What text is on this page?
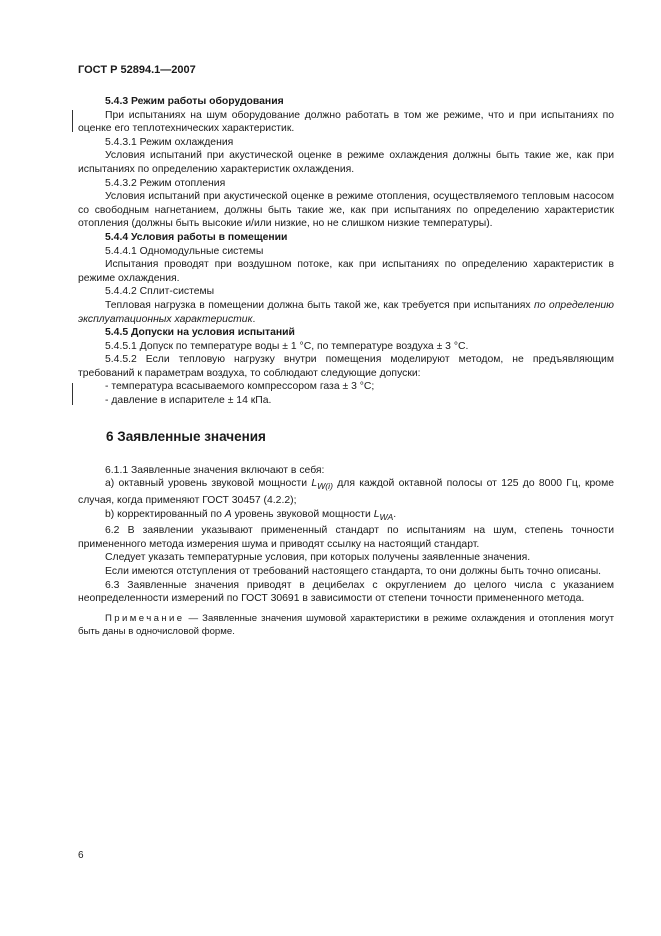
ГОСТ Р 52894.1—2007

5.4.3 Режим работы оборудования

При испытаниях на шум оборудование должно работать в том же режиме, что и при испытаниях по оценке его теплотехнических характеристик.

5.4.3.1 Режим охлаждения

Условия испытаний при акустической оценке в режиме охлаждения должны быть такие же, как при испытаниях по определению характеристик охлаждения.

5.4.3.2 Режим отопления

Условия испытаний при акустической оценке в режиме отопления, осуществляемого тепловым насосом со свободным нагнетанием, должны быть такие же, как при испытаниях по определению характеристик отопления (должны быть высокие и/или низкие, но не слишком низкие температуры).

5.4.4 Условия работы в помещении

5.4.4.1 Одномодульные системы

Испытания проводят при воздушном потоке, как при испытаниях по определению характеристик в режиме охлаждения.

5.4.4.2 Сплит-системы

Тепловая нагрузка в помещении должна быть такой же, как требуется при испытаниях по определению эксплуатационных характеристик.

5.4.5 Допуски на условия испытаний

5.4.5.1 Допуск по температуре воды ± 1 °С, по температуре воздуха ± 3 °С.

5.4.5.2 Если тепловую нагрузку внутри помещения моделируют методом, не предъявляющим требований к параметрам воздуха, то соблюдают следующие допуски:

- температура всасываемого компрессором газа ± 3 °С;

- давление в испарителе ± 14 кПа.

6 Заявленные значения

6.1.1 Заявленные значения включают в себя:

а) октавный уровень звуковой мощности $L_{W(i)}$ для каждой октавной полосы от 125 до 8000 Гц, кроме случая, когда применяют ГОСТ 30457 (4.2.2);

b) корректированный по А уровень звуковой мощности $L_{WA}$.

6.2 В заявлении указывают примененный стандарт по испытаниям на шум, степень точности примененного метода измерения шума и приводят ссылку на настоящий стандарт.

Следует указать температурные условия, при которых получены заявленные значения.

Если имеются отступления от требований настоящего стандарта, то они должны быть точно описаны.

6.3 Заявленные значения приводят в децибелах с округлением до целого числа с указанием неопределенности измерений по ГОСТ 30691 в зависимости от степени точности примененного метода.

Примечание — Заявленные значения шумовой характеристики в режиме охлаждения и отопления могут быть даны в одночисловой форме.

6
